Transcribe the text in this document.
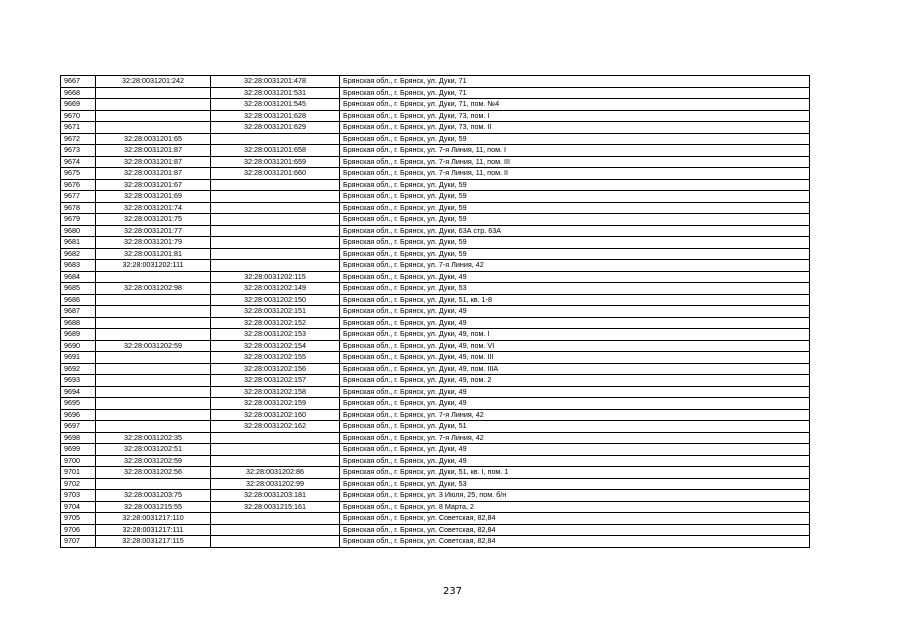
9667	32:28:0031201:242	32:28:0031201:478	Брянская обл., г. Брянск, ул. Дуки, 71
9668		32:28:0031201:531	Брянская обл., г. Брянск, ул. Дуки, 71
9669		32:28:0031201:545	Брянская обл., г. Брянск, ул. Дуки, 71, пом. №4
9670		32:28:0031201:628	Брянская обл., г. Брянск, ул. Дуки, 73, пом. I
9671		32:28:0031201:629	Брянская обл., г. Брянск, ул. Дуки, 73, пом. II
9672	32:28:0031201:65		Брянская обл., г. Брянск, ул. Дуки, 59
9673	32:28:0031201:87	32:28:0031201:658	Брянская обл., г. Брянск, ул. 7-я Линия, 11, пом. I
9674	32:28:0031201:87	32:28:0031201:659	Брянская обл., г. Брянск, ул. 7-я Линия, 11, пом. III
9675	32:28:0031201:87	32:28:0031201:660	Брянская обл., г. Брянск, ул. 7-я Линия, 11, пом. II
9676	32:28:0031201:67		Брянская обл., г. Брянск, ул. Дуки, 59
9677	32:28:0031201:69		Брянская обл., г. Брянск, ул. Дуки, 59
9678	32:28:0031201:74		Брянская обл., г. Брянск, ул. Дуки, 59
9679	32:28:0031201:75		Брянская обл., г. Брянск, ул. Дуки, 59
9680	32:28:0031201:77		Брянская обл., г. Брянск, ул. Дуки, 63А стр. 63А
9681	32:28:0031201:79		Брянская обл., г. Брянск, ул. Дуки, 59
9682	32:28:0031201:81		Брянская обл., г. Брянск, ул. Дуки, 59
9683	32:28:0031202:111		Брянская обл., г. Брянск, ул. 7-я Линия, 42
9684		32:28:0031202:115	Брянская обл., г. Брянск, ул. Дуки, 49
9685	32:28:0031202:98	32:28:0031202:149	Брянская обл., г. Брянск, ул. Дуки, 53
9686		32:28:0031202:150	Брянская обл., г. Брянск, ул. Дуки, 51, кв. 1-8
9687		32:28:0031202:151	Брянская обл., г. Брянск, ул. Дуки, 49
9688		32:28:0031202:152	Брянская обл., г. Брянск, ул. Дуки, 49
9689		32:28:0031202:153	Брянская обл., г. Брянск, ул. Дуки, 49, пом. I
9690	32:28:0031202:59	32:28:0031202:154	Брянская обл., г. Брянск, ул. Дуки, 49, пом. VI
9691		32:28:0031202:155	Брянская обл., г. Брянск, ул. Дуки, 49, пом. III
9692		32:28:0031202:156	Брянская обл., г. Брянск, ул. Дуки, 49, пом. IIIА
9693		32:28:0031202:157	Брянская обл., г. Брянск, ул. Дуки, 49, пом. 2
9694		32:28:0031202:158	Брянская обл., г. Брянск, ул. Дуки, 49
9695		32:28:0031202:159	Брянская обл., г. Брянск, ул. Дуки, 49
9696		32:28:0031202:160	Брянская обл., г. Брянск, ул. 7-я Линия, 42
9697		32:28:0031202:162	Брянская обл., г. Брянск, ул. Дуки, 51
9698	32:28:0031202:35		Брянская обл., г. Брянск, ул. 7-я Линия, 42
9699	32:28:0031202:51		Брянская обл., г. Брянск, ул. Дуки, 49
9700	32:28:0031202:59		Брянская обл., г. Брянск, ул. Дуки, 49
9701	32:28:0031202:56	32:28:0031202:86	Брянская обл., г. Брянск, ул. Дуки, 51, кв. I, пом. 1
9702		32:28:0031202:99	Брянская обл., г. Брянск, ул. Дуки, 53
9703	32:28:0031203:75	32:28:0031203:181	Брянская обл., г. Брянск, ул. 3 Июля, 25, пом. б/н
9704	32:28:0031215:55	32:28:0031215:161	Брянская обл., г. Брянск, ул. 8 Марта, 2
9705	32:28:0031217:110		Брянская обл., г. Брянск, ул. Советская, 82,84
9706	32:28:0031217:111		Брянская обл., г. Брянск, ул. Советская, 82,84
9707	32:28:0031217:115		Брянская обл., г. Брянск, ул. Советская, 82,84
237
